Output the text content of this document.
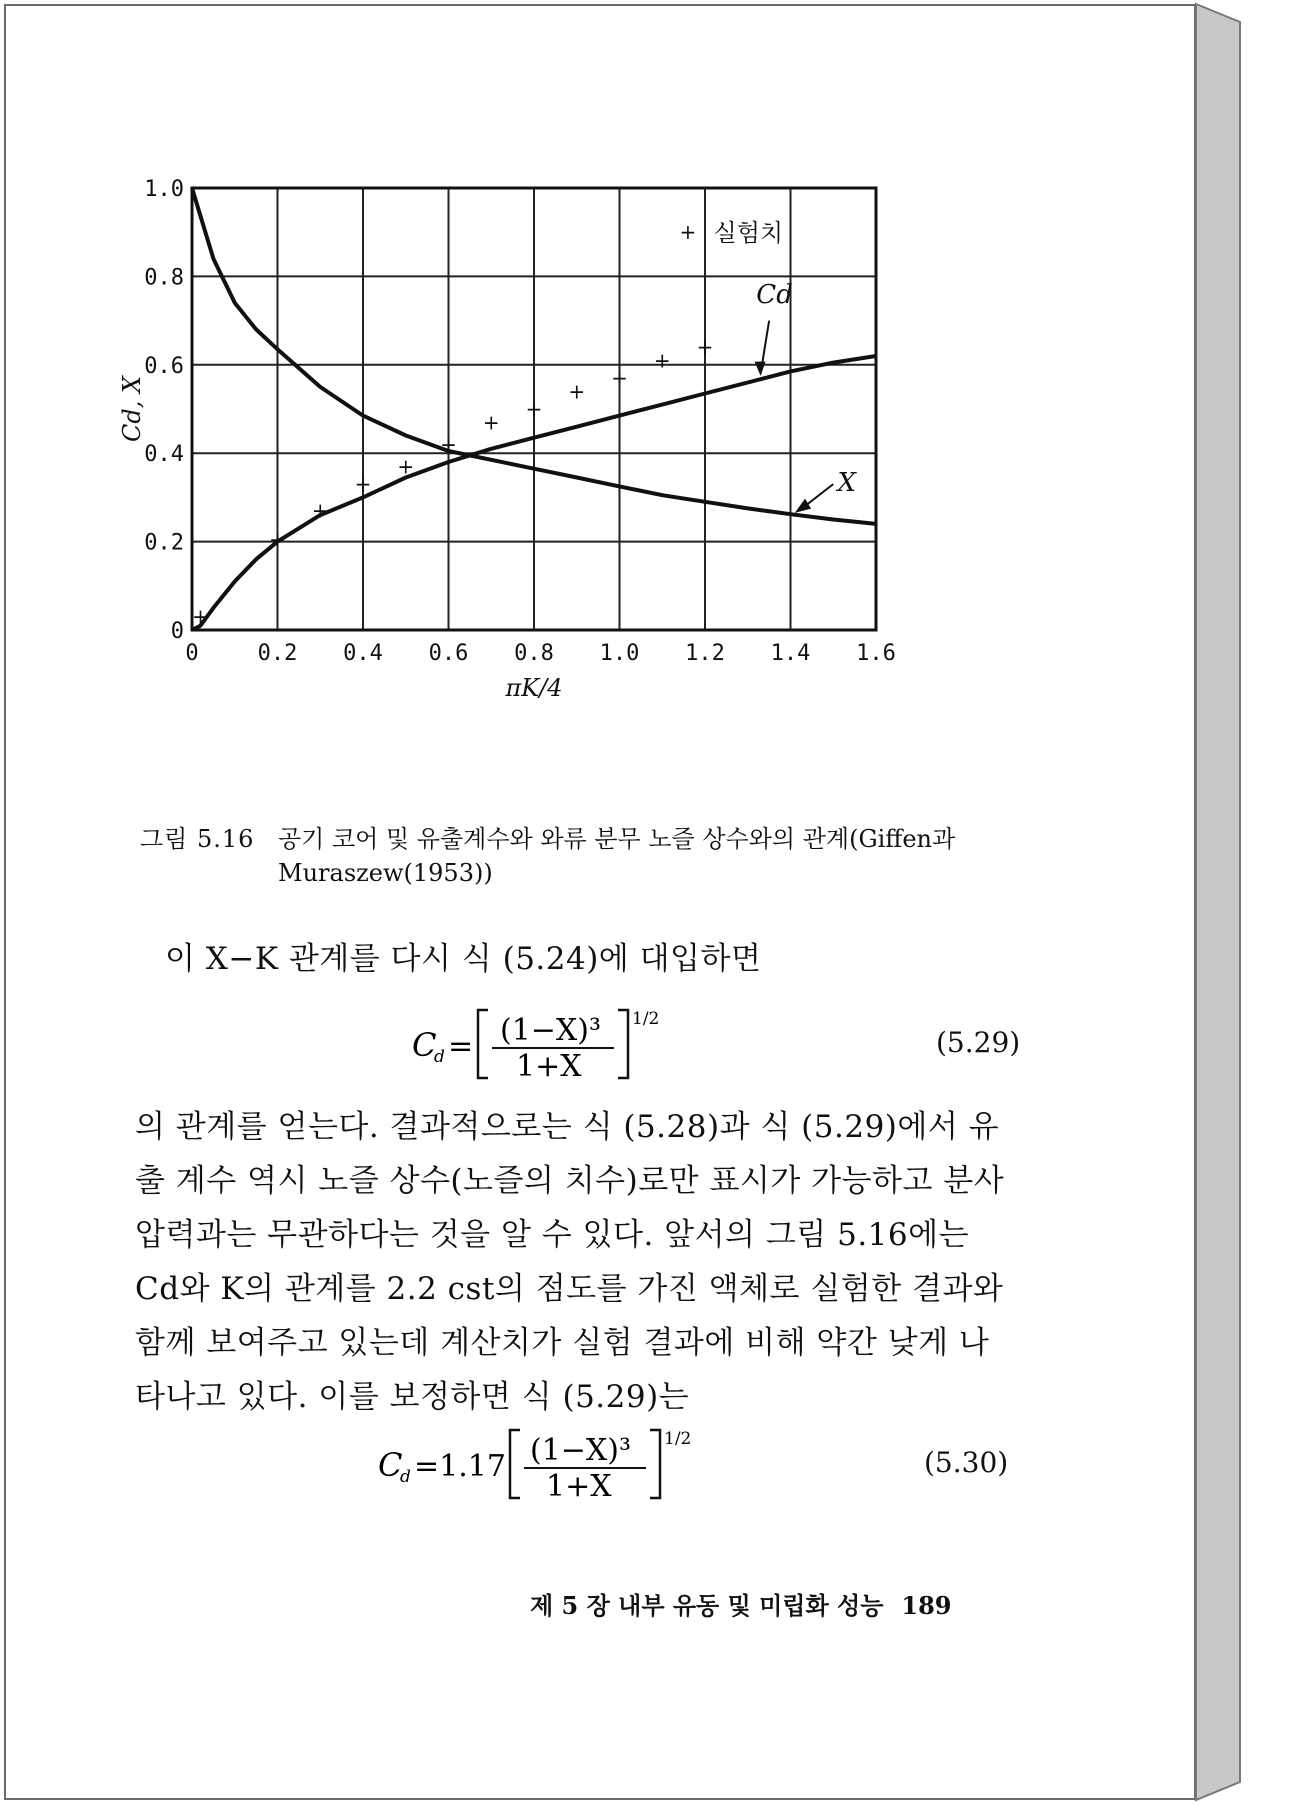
0	0.2 0.4 0.6 0.8 1.0 1.2 1.4 1.6
0
0.2
0.4
0.6
0.8
1.0
πK/4
Cd, X
+
+
+
+
+
+
+
+
+
+
+
+
+ 실험치
Cd
X
그림 5.16 공기 코어 및 유출계수와 와류 분무 노즐 상수와의 관계(Giffen과 Muraszew(1953))
이 X−K 관계를 다시 식 (5.24)에 대입하면
C
d = (1−X)³
1+X
1/2
(5.29)
의 관계를 얻는다. 결과적으로는 식 (5.28)과 식 (5.29)에서 유
출 계수 역시 노즐 상수(노즐의 치수)로만 표시가 가능하고 분사
압력과는 무관하다는 것을 알 수 있다. 앞서의 그림 5.16에는
Cd와 K의 관계를 2.2 cst의 점도를 가진 액체로 실험한 결과와
함께 보여주고 있는데 계산치가 실험 결과에 비해 약간 낮게 나
타나고 있다. 이를 보정하면 식 (5.29)는
C
d =1.17 (1−X)³
1+X
1/2
(5.30)
제 5 장 내부 유동 및 미립화 성능 189
